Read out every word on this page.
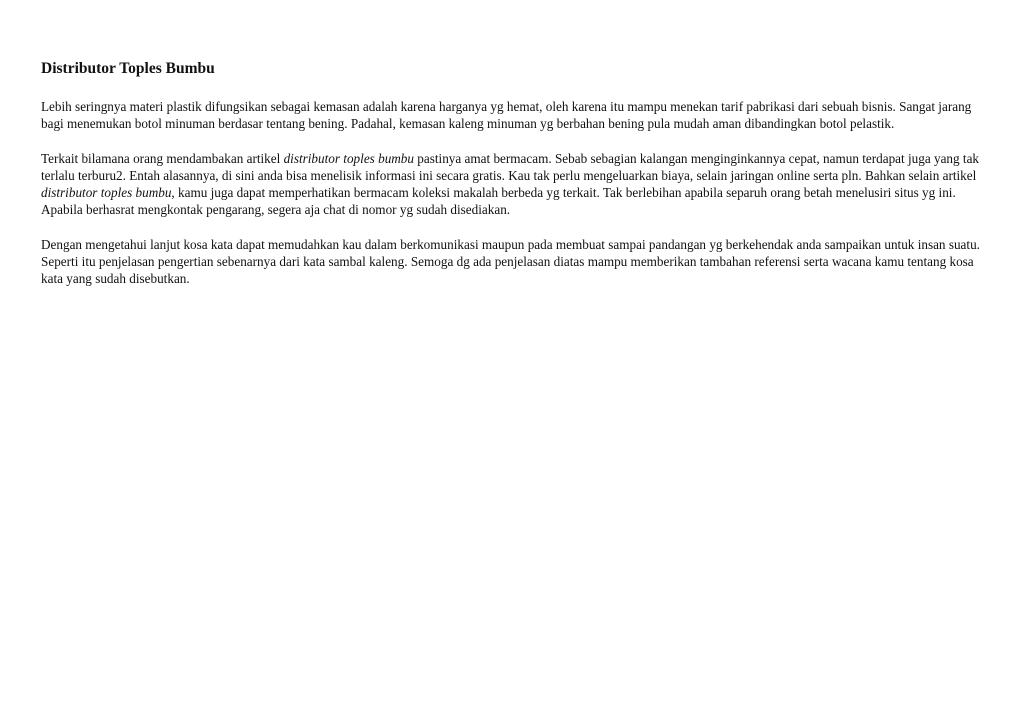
Distributor Toples Bumbu

Lebih seringnya materi plastik difungsikan sebagai kemasan adalah karena harganya yg hemat, oleh karena itu mampu menekan tarif pabrikasi dari sebuah bisnis. Sangat jarang bagi menemukan botol minuman berdasar tentang bening. Padahal, kemasan kaleng minuman yg berbahan bening pula mudah aman dibandingkan botol pelastik.

Terkait bilamana orang mendambakan artikel distributor toples bumbu pastinya amat bermacam. Sebab sebagian kalangan menginginkannya cepat, namun terdapat juga yang tak terlalu terburu2. Entah alasannya, di sini anda bisa menelisik informasi ini secara gratis. Kau tak perlu mengeluarkan biaya, selain jaringan online serta pln. Bahkan selain artikel distributor toples bumbu, kamu juga dapat memperhatikan bermacam koleksi makalah berbeda yg terkait. Tak berlebihan apabila separuh orang betah menelusiri situs yg ini. Apabila berhasrat mengkontak pengarang, segera aja chat di nomor yg sudah disediakan.

Dengan mengetahui lanjut kosa kata dapat memudahkan kau dalam berkomunikasi maupun pada membuat sampai pandangan yg berkehendak anda sampaikan untuk insan suatu. Seperti itu penjelasan pengertian sebenarnya dari kata sambal kaleng. Semoga dg ada penjelasan diatas mampu memberikan tambahan referensi serta wacana kamu tentang kosa kata yang sudah disebutkan.
